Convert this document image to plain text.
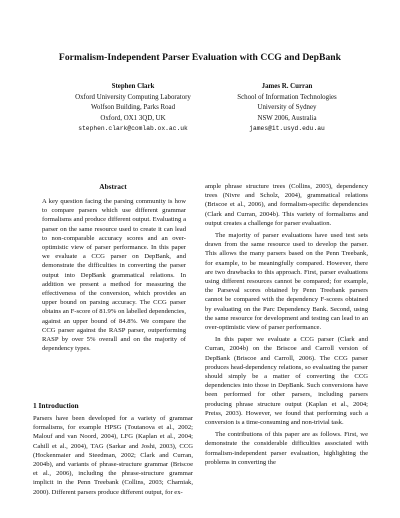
Formalism-Independent Parser Evaluation with CCG and DepBank
Stephen Clark
Oxford University Computing Laboratory
Wolfson Building, Parks Road
Oxford, OX1 3QD, UK
stephen.clark@comlab.ox.ac.uk
James R. Curran
School of Information Technologies
University of Sydney
NSW 2006, Australia
james@it.usyd.edu.au
Abstract

A key question facing the parsing community is how to compare parsers which use different grammar formalisms and produce different output. Evaluating a parser on the same resource used to create it can lead to non-comparable accuracy scores and an over-optimistic view of parser performance. In this paper we evaluate a CCG parser on DepBank, and demonstrate the difficulties in converting the parser output into DepBank grammatical relations. In addition we present a method for measuring the effectiveness of the conversion, which provides an upper bound on parsing accuracy. The CCG parser obtains an F-score of 81.9% on labelled dependencies, against an upper bound of 84.8%. We compare the CCG parser against the RASP parser, outperforming RASP by over 5% overall and on the majority of dependency types.

1 Introduction

Parsers have been developed for a variety of grammar formalisms, for example HPSG (Toutanova et al., 2002; Malouf and van Noord, 2004), LFG (Kaplan et al., 2004; Cahill et al., 2004), TAG (Sarkar and Joshi, 2003), CCG (Hockenmaier and Steedman, 2002; Clark and Curran, 2004b), and variants of phrase-structure grammar (Briscoe et al., 2006), including the phrase-structure grammar implicit in the Penn Treebank (Collins, 2003; Charniak, 2000). Different parsers produce different output, for ex-

ample phrase structure trees (Collins, 2003), dependency trees (Nivre and Scholz, 2004), grammatical relations (Briscoe et al., 2006), and formalism-specific dependencies (Clark and Curran, 2004b). This variety of formalisms and output creates a challenge for parser evaluation.

The majority of parser evaluations have used test sets drawn from the same resource used to develop the parser. This allows the many parsers based on the Penn Treebank, for example, to be meaningfully compared. However, there are two drawbacks to this approach. First, parser evaluations using different resources cannot be compared; for example, the Parseval scores obtained by Penn Treebank parsers cannot be compared with the dependency F-scores obtained by evaluating on the Parc Dependency Bank. Second, using the same resource for development and testing can lead to an over-optimistic view of parser performance.

In this paper we evaluate a CCG parser (Clark and Curran, 2004b) on the Briscoe and Carroll version of DepBank (Briscoe and Carroll, 2006). The CCG parser produces head-dependency relations, so evaluating the parser should simply be a matter of converting the CCG dependencies into those in DepBank. Such conversions have been performed for other parsers, including parsers producing phrase structure output (Kaplan et al., 2004; Preiss, 2003). However, we found that performing such a conversion is a time-consuming and non-trivial task.

The contributions of this paper are as follows. First, we demonstrate the considerable difficulties associated with formalism-independent parser evaluation, highlighting the problems in converting the
